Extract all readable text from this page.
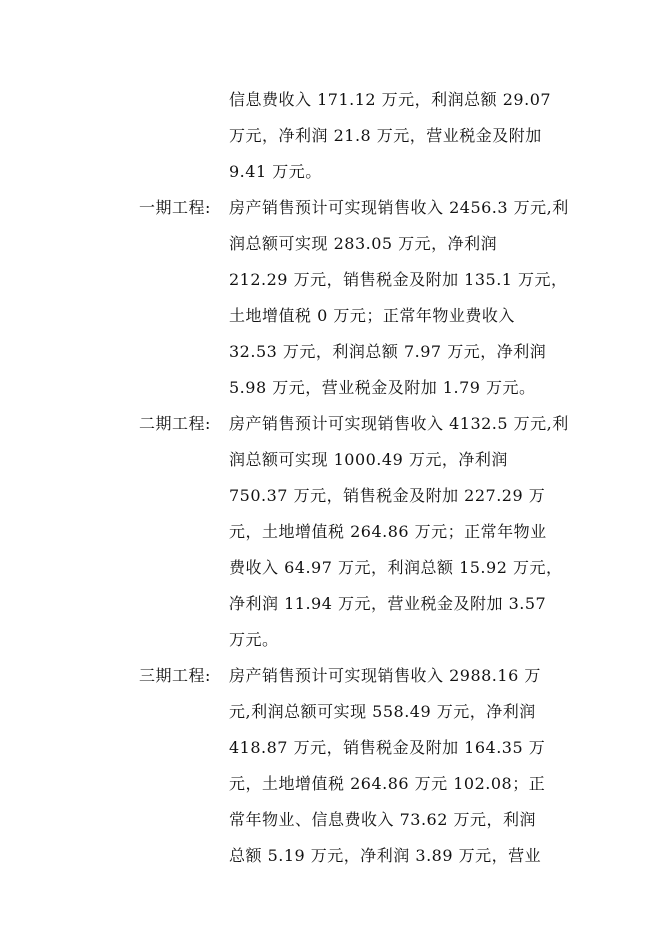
信息费收入 171.12 万元，利润总额 29.07
万元，净利润 21.8 万元，营业税金及附加
9.41 万元。
一期工程: 房产销售预计可实现销售收入 2456.3 万元,利
润总额可实现 283.05 万元，净利润
212.29 万元，销售税金及附加 135.1 万元，
土地增值税 0 万元；正常年物业费收入
32.53 万元，利润总额 7.97 万元，净利润
5.98 万元，营业税金及附加 1.79 万元。
二期工程: 房产销售预计可实现销售收入 4132.5 万元,利
润总额可实现 1000.49 万元，净利润
750.37 万元，销售税金及附加 227.29 万
元，土地增值税 264.86 万元；正常年物业
费收入 64.97 万元，利润总额 15.92 万元，
净利润 11.94 万元，营业税金及附加 3.57
万元。
三期工程: 房产销售预计可实现销售收入 2988.16 万
元,利润总额可实现 558.49 万元，净利润
418.87 万元，销售税金及附加 164.35 万
元，土地增值税 264.86 万元 102.08；正
常年物业、信息费收入 73.62 万元，利润
总额 5.19 万元，净利润 3.89 万元，营业
